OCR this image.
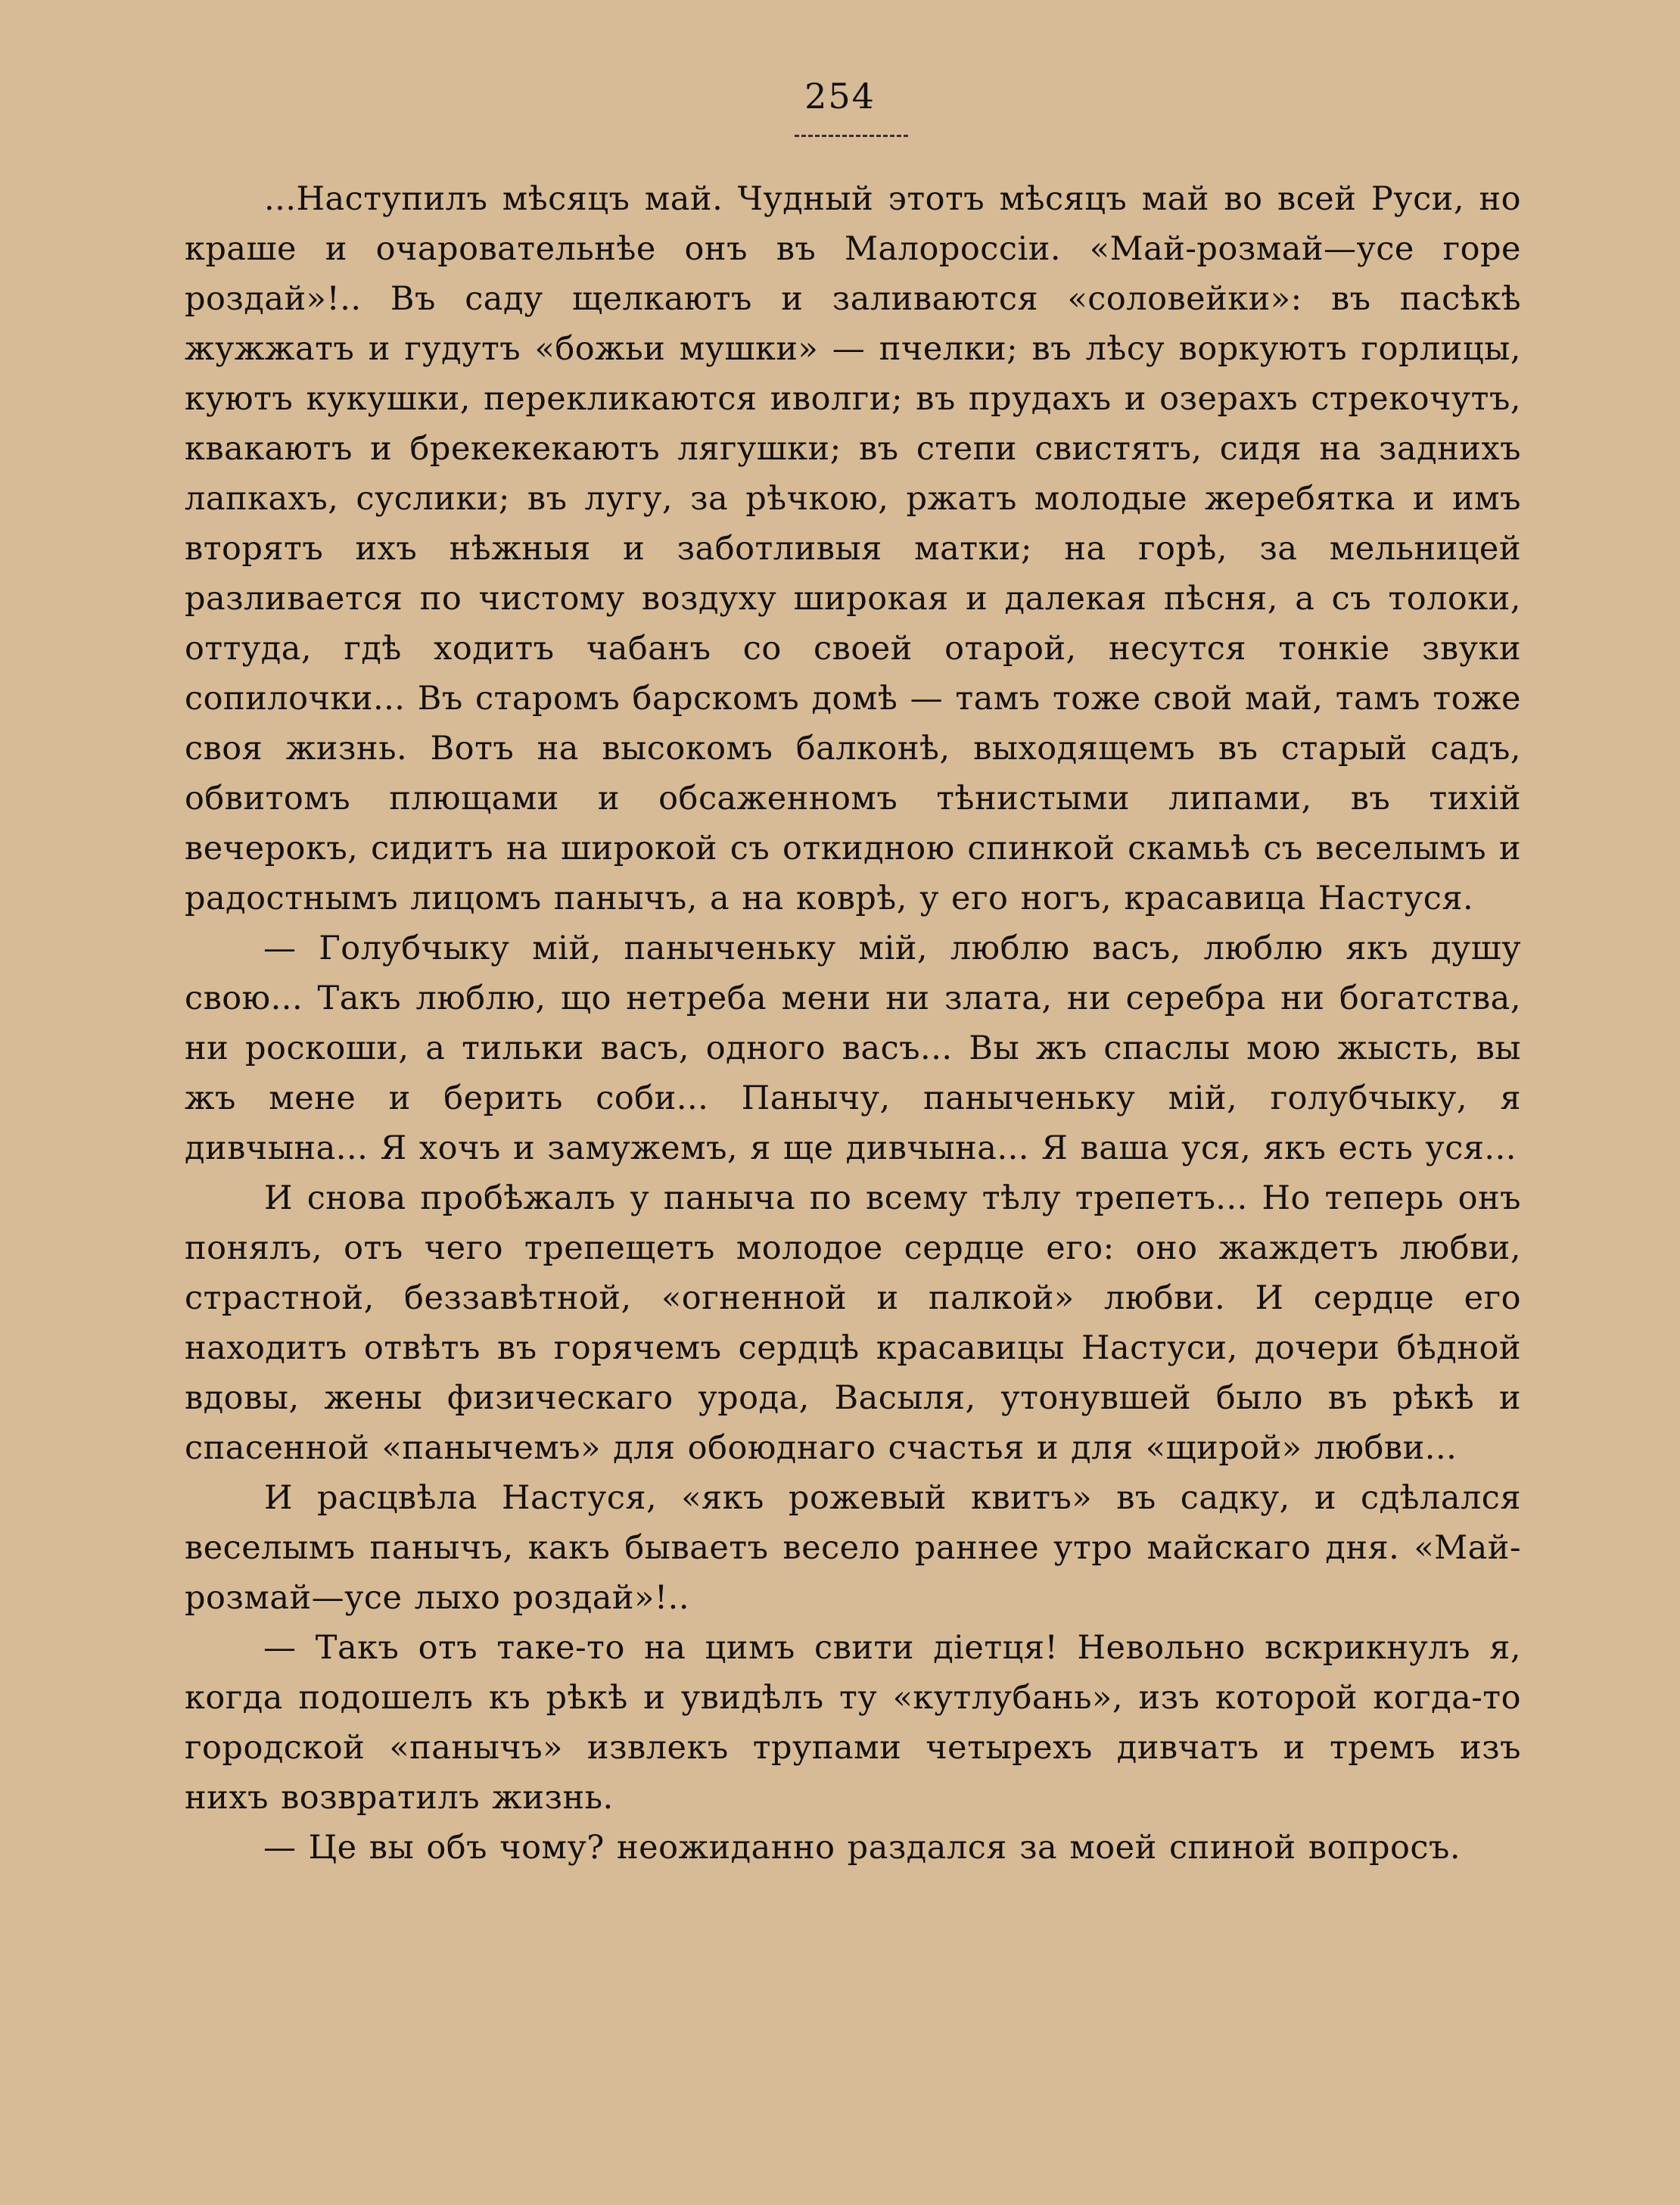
254

...Наступилъ мѣсяцъ май. Чудный этотъ мѣсяцъ май во всей Руси, но краше и очаровательнѣе онъ въ Малороссіи. «Май-розмай—усе горе роздай»!.. Въ саду щелкаютъ и заливаются «соловейки»: въ пасѣкѣ жужжатъ и гудутъ «божьи мушки» — пчелки; въ лѣсу воркуютъ горлицы, куютъ кукушки, перекликаются иволги; въ прудахъ и озерахъ стрекочутъ, квакаютъ и брекекекаютъ лягушки; въ степи свистятъ, сидя на заднихъ лапкахъ, суслики; въ лугу, за рѣчкою, ржатъ молодые жеребятка и имъ вторятъ ихъ нѣжныя и заботливыя матки; на горѣ, за мельницей разливается по чистому воздуху широкая и далекая пѣсня, а съ толоки, оттуда, гдѣ ходитъ чабанъ со своей отарой, несутся тонкіе звуки сопилочки... Въ старомъ барскомъ домѣ — тамъ тоже свой май, тамъ тоже своя жизнь. Вотъ на высокомъ балконѣ, выходящемъ въ старый садъ, обвитомъ плющами и обсаженномъ тѣнистыми липами, въ тихій вечерокъ, сидитъ на широкой съ откидною спинкой скамьѣ съ веселымъ и радостнымъ лицомъ панычъ, а на коврѣ, у его ногъ, красавица Настуся.

— Голубчыку мій, паныченьку мій, люблю васъ, люблю якъ душу свою... Такъ люблю, що нетреба мени ни злата, ни серебра ни богатства, ни роскоши, а тильки васъ, одного васъ... Вы жъ спаслы мою жысть, вы жъ мене и берить соби... Панычу, паныченьку мій, голубчыку, я дивчына... Я хочъ и замужемъ, я ще дивчына... Я ваша уся, якъ есть уся...

И снова пробѣжалъ у паныча по всему тѣлу трепетъ... Но теперь онъ понялъ, отъ чего трепещетъ молодое сердце его: оно жаждетъ любви, страстной, беззавѣтной, «огненной и палкой» любви. И сердце его находитъ отвѣтъ въ горячемъ сердцѣ красавицы Настуси, дочери бѣдной вдовы, жены физическаго урода, Васыля, утонувшей было въ рѣкѣ и спасенной «панычемъ» для обоюднаго счастья и для «щирой» любви...

И расцвѣла Настуся, «якъ рожевый квитъ» въ садку, и сдѣлался веселымъ панычъ, какъ бываетъ весело раннее утро майскаго дня. «Май-розмай—усе лыхо роздай»!..

— Такъ отъ таке-то на цимъ свити діетця! Невольно вскрикнулъ я, когда подошелъ къ рѣкѣ и увидѣлъ ту «кутлубань», изъ которой когда-то городской «панычъ» извлекъ трупами четырехъ дивчатъ и тремъ изъ нихъ возвратилъ жизнь.

— Це вы объ чому? неожиданно раздался за моей спиной вопросъ.
